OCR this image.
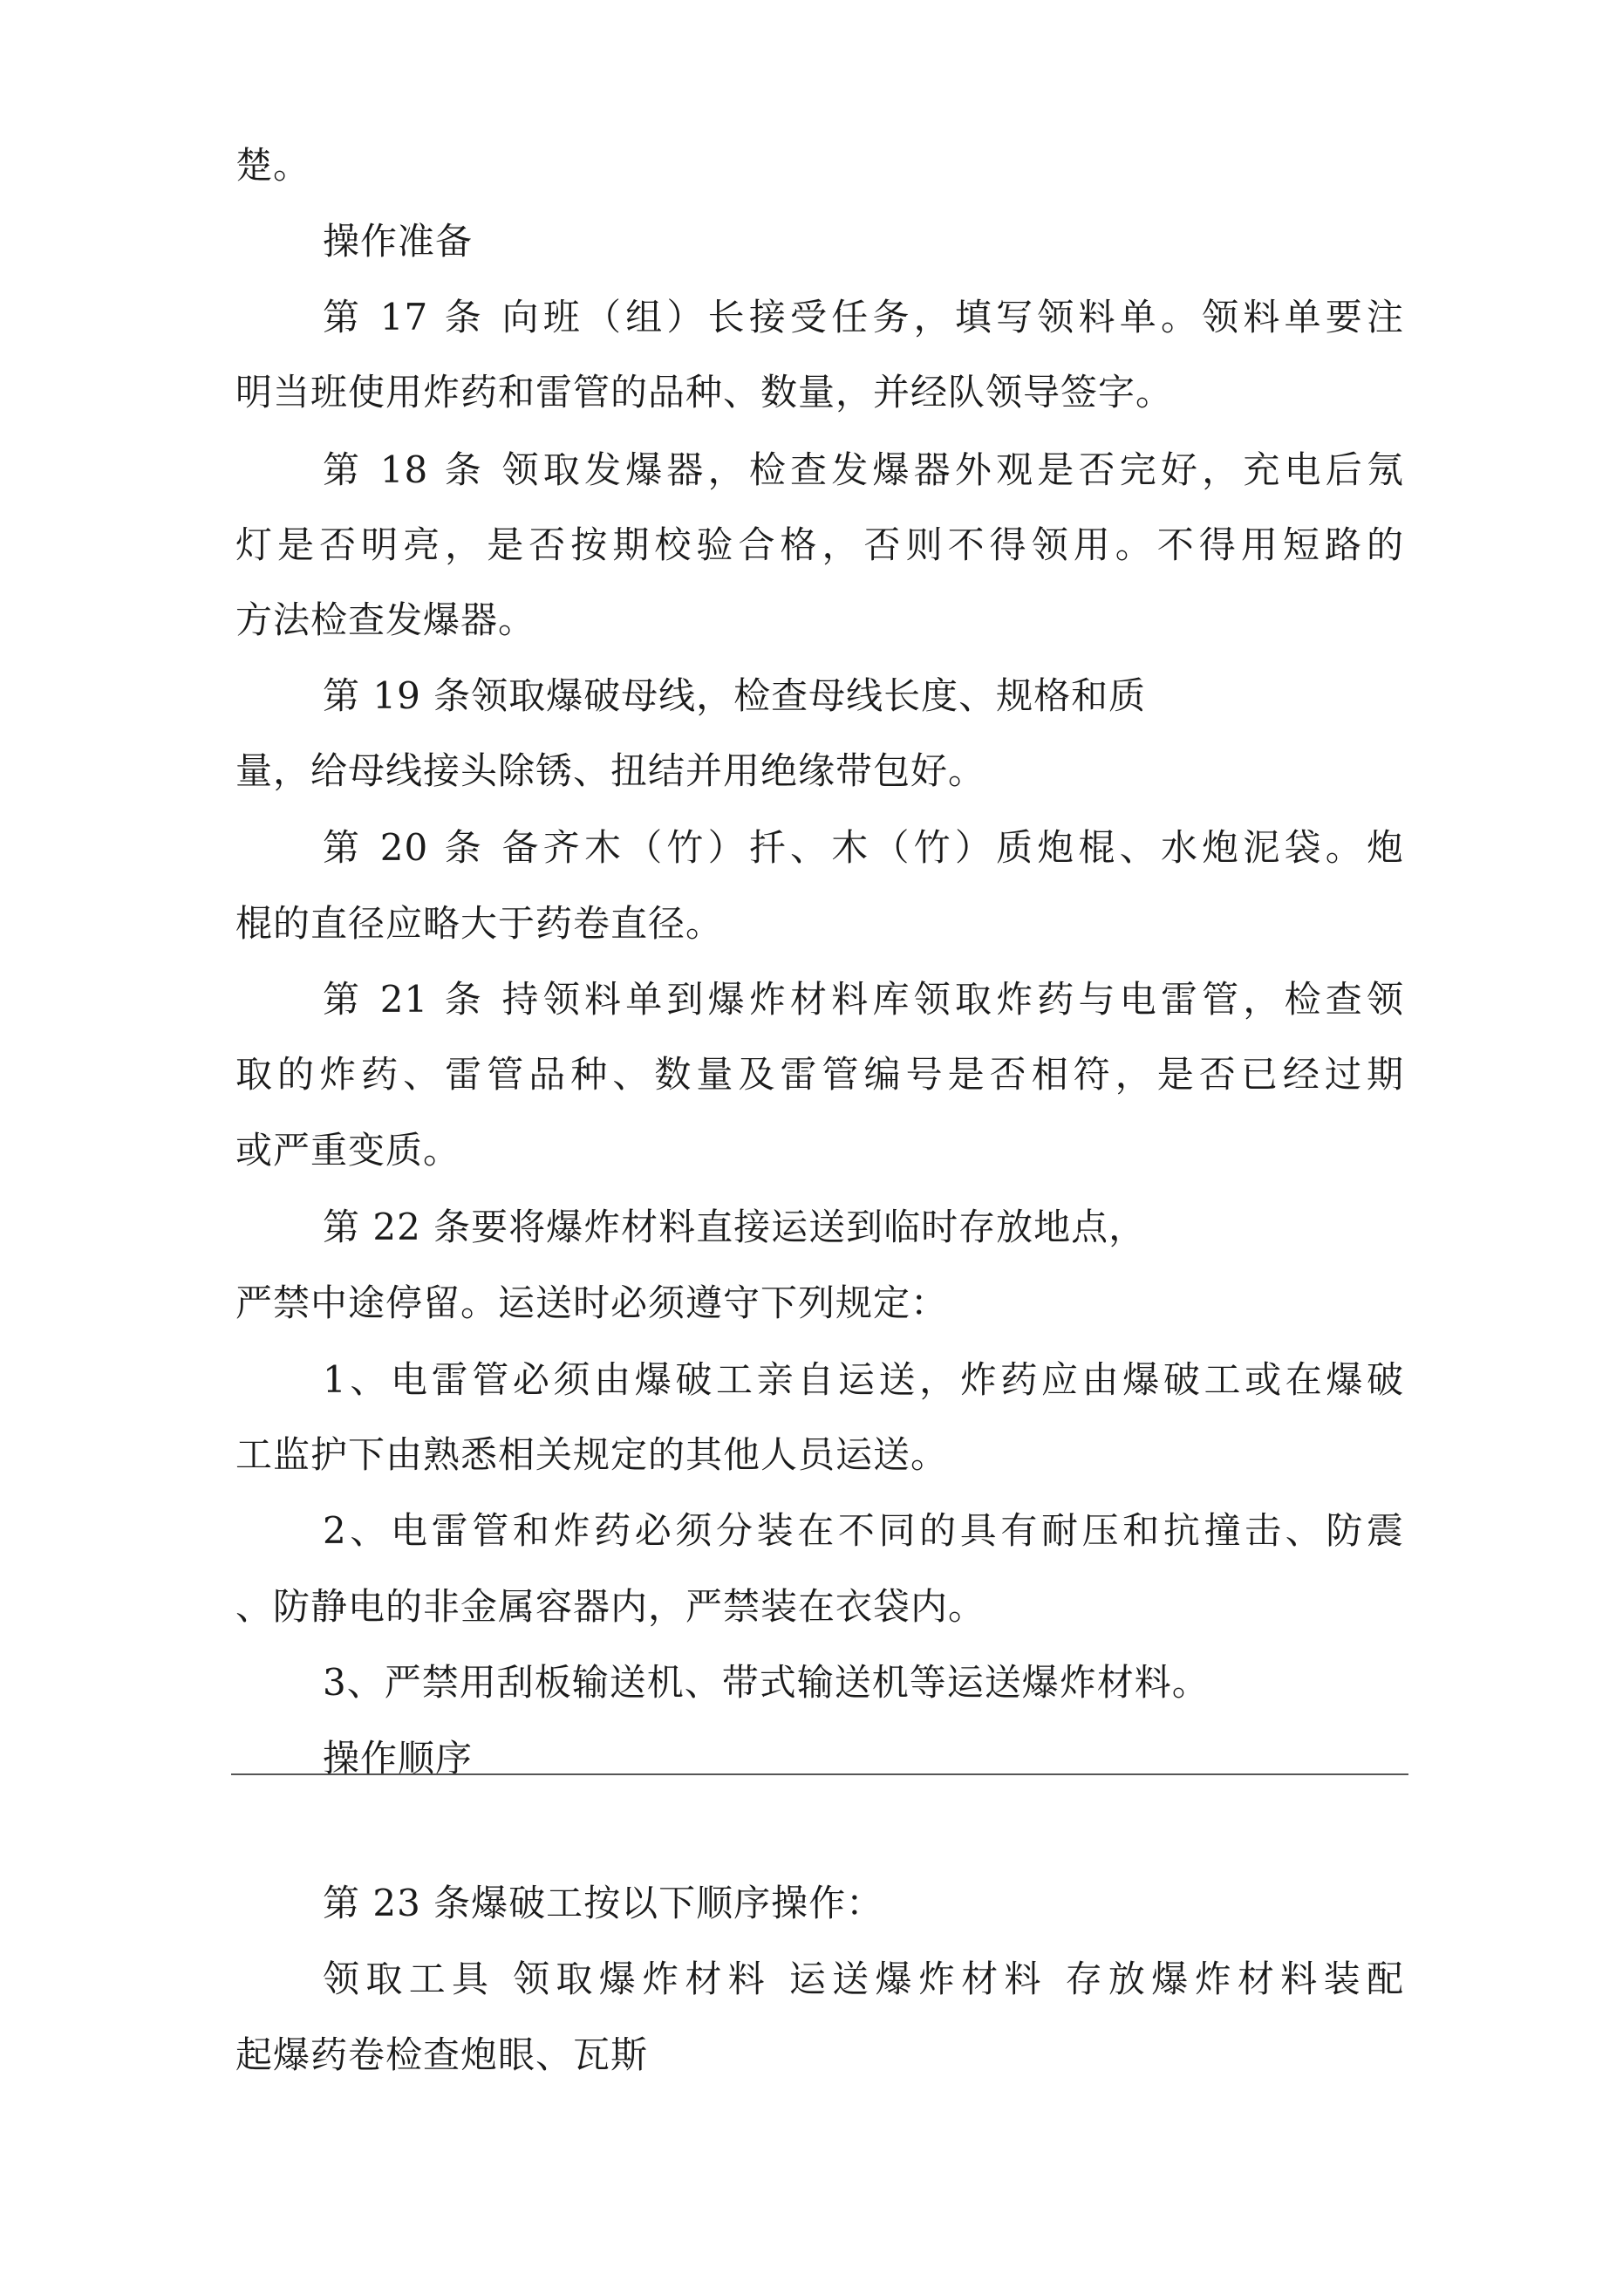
楚。
操作准备
第 17 条 向班（组）长接受任务，填写领料单。领料单要注
明当班使用炸药和雷管的品种、数量，并经队领导签字。
第 18 条 领取发爆器，检查发爆器外观是否完好，充电后氖
灯是否明亮，是否按期校验合格，否则不得领用。不得用短路的
方法检查发爆器。
第 19 条领取爆破母线，检查母线长度、规格和质
量，给母线接头除锈、扭结并用绝缘带包好。
第 20 条 备齐木（竹）扦、木（竹）质炮棍、水炮泥袋。炮
棍的直径应略大于药卷直径。
第 21 条 持领料单到爆炸材料库领取炸药与电雷管，检查领
取的炸药、雷管品种、数量及雷管编号是否相符，是否已经过期
或严重变质。
第 22 条要将爆炸材料直接运送到临时存放地点，
严禁中途停留。运送时必须遵守下列规定：
1、电雷管必须由爆破工亲自运送，炸药应由爆破工或在爆破
工监护下由熟悉相关规定的其他人员运送。
2、电雷管和炸药必须分装在不同的具有耐压和抗撞击、防震
、防静电的非金属容器内，严禁装在衣袋内。
3、严禁用刮板输送机、带式输送机等运送爆炸材料。
操作顺序
第 23 条爆破工按以下顺序操作：
领取工具 领取爆炸材料 运送爆炸材料 存放爆炸材料装配
起爆药卷检查炮眼、瓦斯
